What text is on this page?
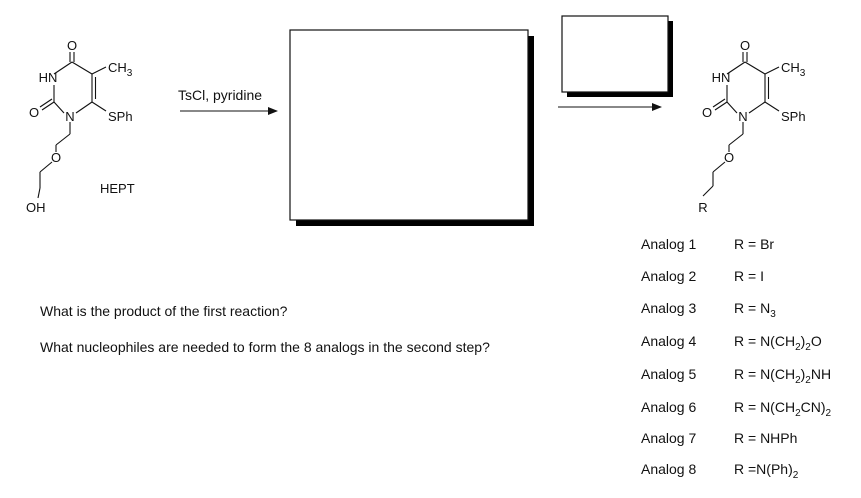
O
HN
$CH_3$
O N	SPh
O
OH
HEPT
TsCl, pyridine
O
HN
$CH_3$
O N	SPh
O
R
What is the product of the first reaction?
What nucleophiles are needed to form the 8 analogs in the second step?
Analog 1	R = Br
Analog 2	R = I
Analog 3	$R = N_3$
Analog 4	$R = N(CH_2)_2O$
Analog 5	$R = N(CH_2)_2NH$
Analog 6	$R = N(CH_2CN)_2$
Analog 7	R = NHPh
Analog 8	$R =N(Ph)_2$
